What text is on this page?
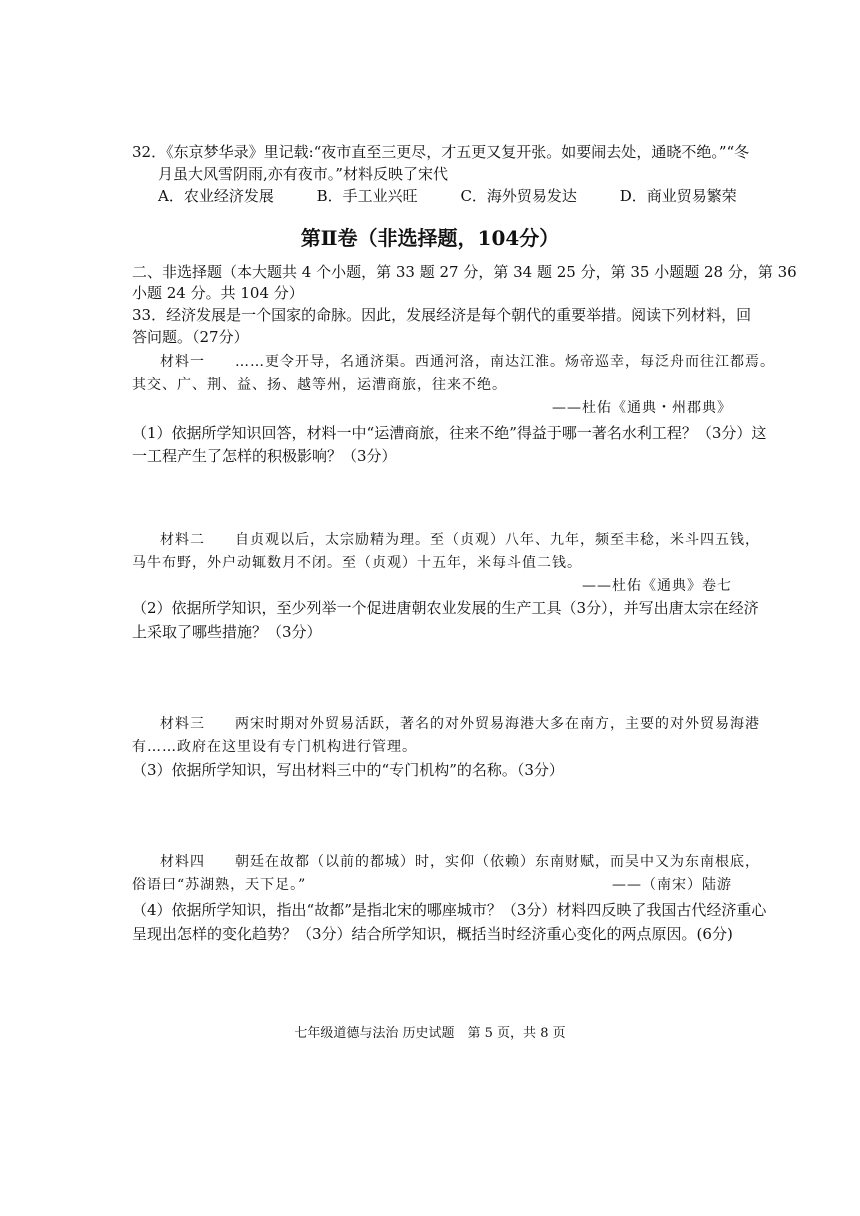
32．《东京梦华录》里记载:“夜市直至三更尽，才五更又复开张。如要闹去处，通晓不绝。”“冬
月虽大风雪阴雨,亦有夜市。”材料反映了宋代
A．农业经济发展	B．手工业兴旺	C．海外贸易发达	D．商业贸易繁荣
第Ⅱ卷（非选择题，104分）
二、非选择题（本大题共 4 个小题，第 33 题 27 分，第 34 题 25 分，第 35 小题题 28 分，第 36
小题 24 分。共 104 分）
33．经济发展是一个国家的命脉。因此，发展经济是每个朝代的重要举措。阅读下列材料，回
答问题。（27分）
材料一　　……更令开导，名通济渠。西通河洛，南达江淮。炀帝巡幸，每泛舟而往江都焉。
其交、广、荆、益、扬、越等州，运漕商旅，往来不绝。
——杜佑《通典・州郡典》
（1）依据所学知识回答，材料一中“运漕商旅，往来不绝”得益于哪一著名水利工程？（3分）这
一工程产生了怎样的积极影响？（3分）
材料二　　自贞观以后，太宗励精为理。至（贞观）八年、九年，频至丰稔，米斗四五钱，
马牛布野，外户动辄数月不闭。至（贞观）十五年，米每斗值二钱。
——杜佑《通典》卷七
（2）依据所学知识，至少列举一个促进唐朝农业发展的生产工具（3分），并写出唐太宗在经济
上采取了哪些措施？（3分）
材料三　　两宋时期对外贸易活跃，著名的对外贸易海港大多在南方，主要的对外贸易海港
有……政府在这里设有专门机构进行管理。
（3）依据所学知识，写出材料三中的“专门机构”的名称。（3分）
材料四　　朝廷在故都（以前的都城）时，实仰（依赖）东南财赋，而吴中又为东南根底，
俗语曰“苏湖熟，天下足。”	——（南宋）陆游
（4）依据所学知识，指出“故都”是指北宋的哪座城市？（3分）材料四反映了我国古代经济重心
呈现出怎样的变化趋势？（3分）结合所学知识，概括当时经济重心变化的两点原因。(6分)
七年级道德与法治 历史试题　第 5 页，共 8 页
